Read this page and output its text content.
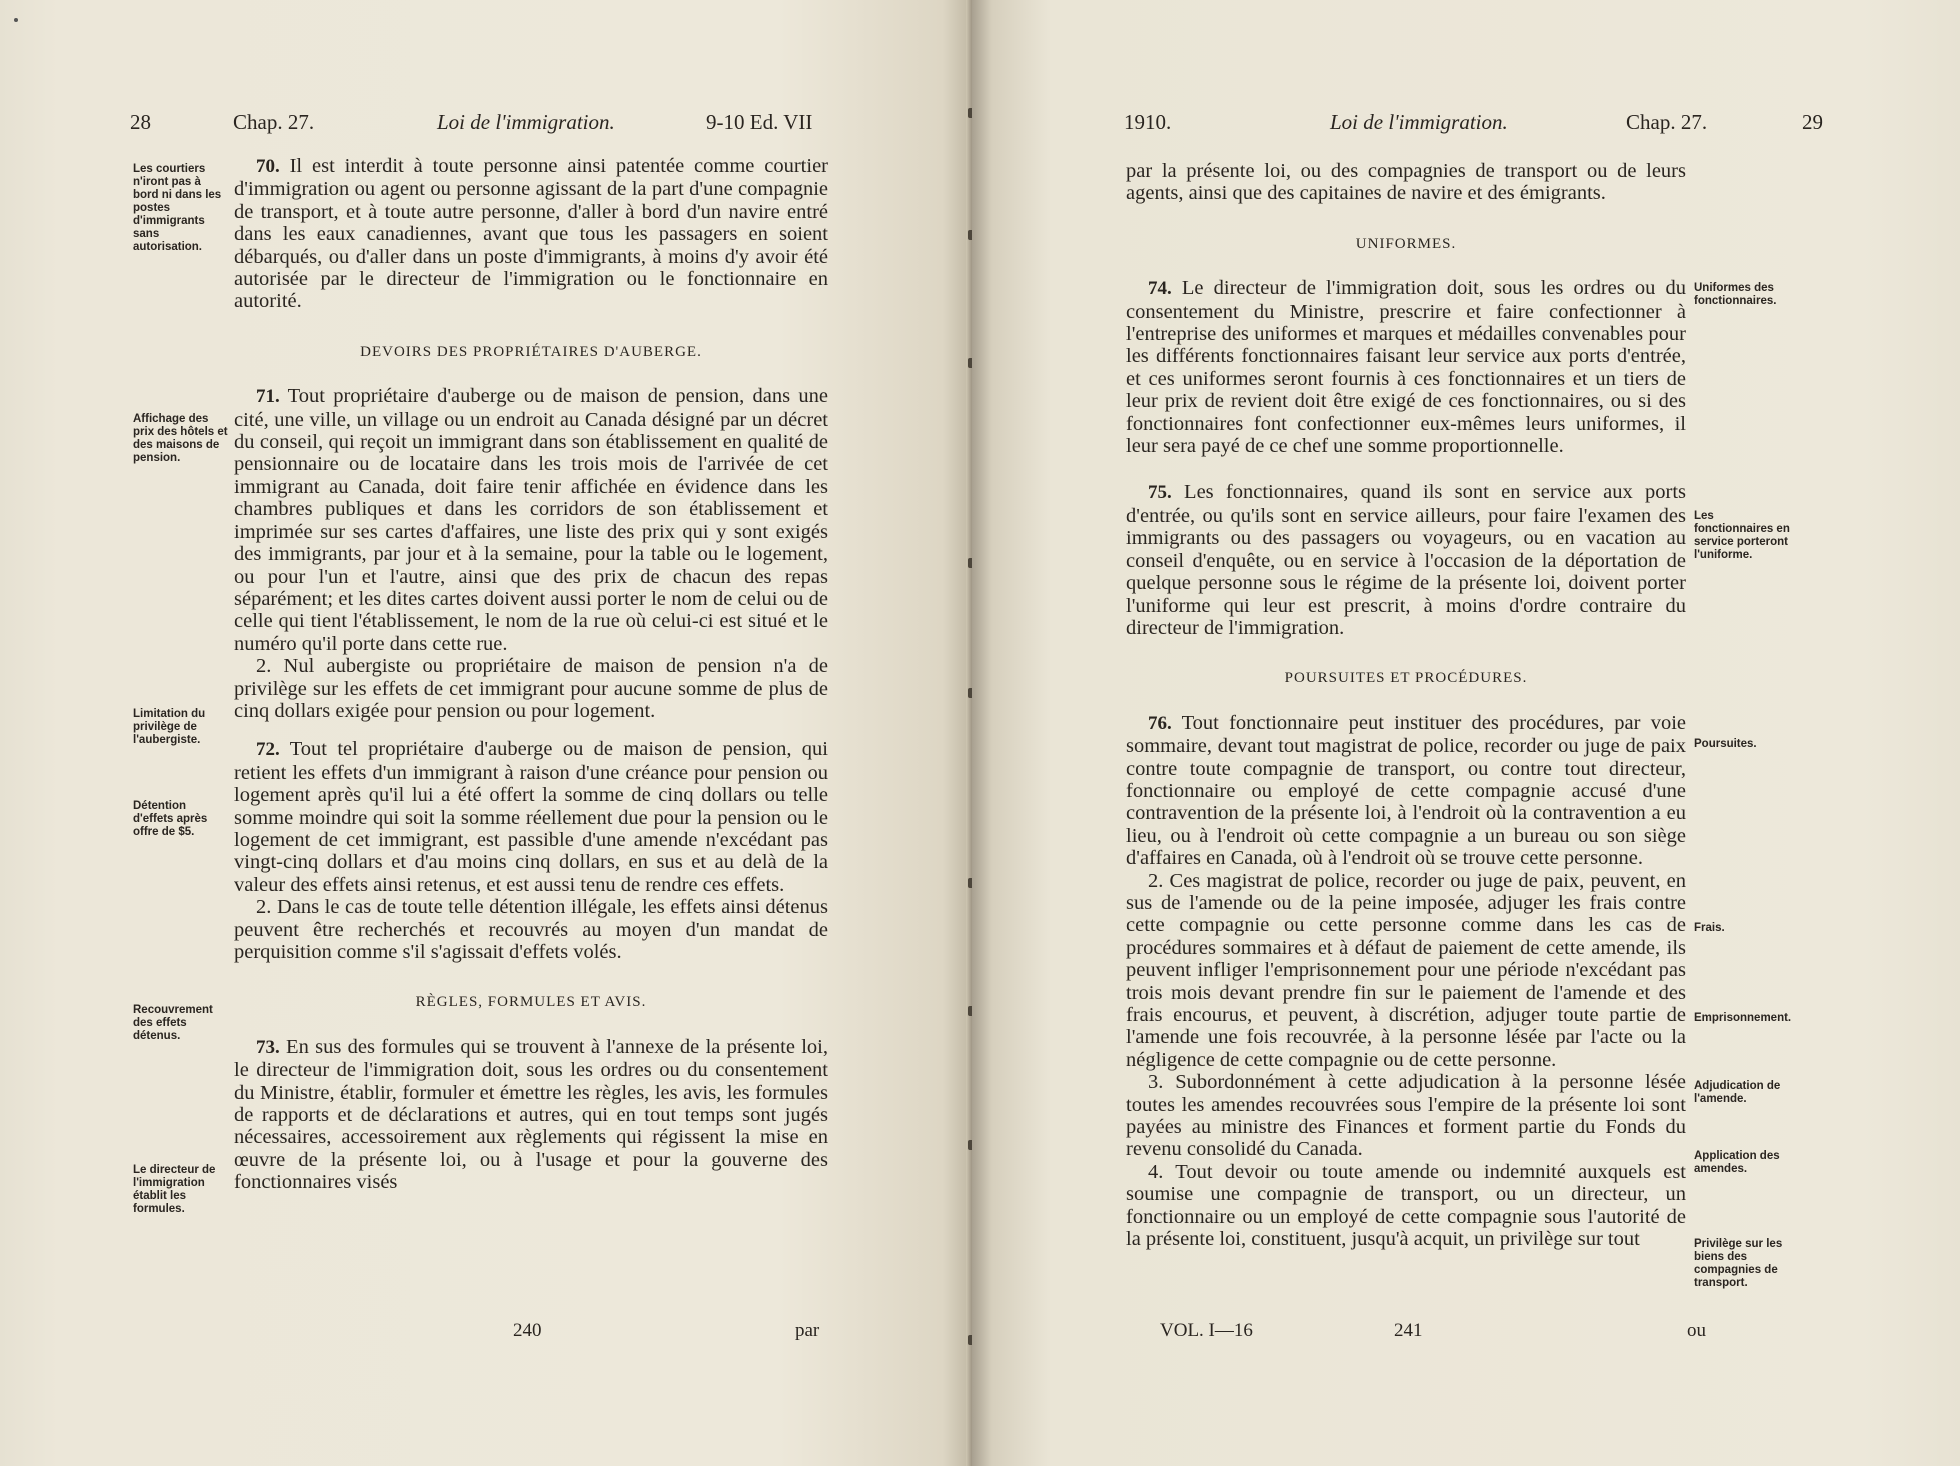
28	Chap. 27.	Loi de l'immigration.	9-10 Ed. VII
Les courtiers n'iront pas à bord ni dans les postes d'immigrants sans autorisation.
Affichage des prix des hôtels et des maisons de pension.
Limitation du privilège de l'aubergiste.
Détention d'effets après offre de $5.
Recouvrement des effets détenus.
Le directeur de l'immigration établit les formules.

70. Il est interdit à toute personne ainsi patentée comme courtier d'immigration ou agent ou personne agissant de la part d'une compagnie de transport, et à toute autre personne, d'aller à bord d'un navire entré dans les eaux canadiennes, avant que tous les passagers en soient débarqués, ou d'aller dans un poste d'immigrants, à moins d'y avoir été autorisée par le directeur de l'immigration ou le fonctionnaire en autorité.

DEVOIRS DES PROPRIÉTAIRES D'AUBERGE.

71. Tout propriétaire d'auberge ou de maison de pension, dans une cité, une ville, un village ou un endroit au Canada désigné par un décret du conseil, qui reçoit un immigrant dans son établissement en qualité de pensionnaire ou de locataire dans les trois mois de l'arrivée de cet immigrant au Canada, doit faire tenir affichée en évidence dans les chambres publiques et dans les corridors de son établissement et imprimée sur ses cartes d'affaires, une liste des prix qui y sont exigés des immigrants, par jour et à la semaine, pour la table ou le logement, ou pour l'un et l'autre, ainsi que des prix de chacun des repas séparément; et les dites cartes doivent aussi porter le nom de celui ou de celle qui tient l'établissement, le nom de la rue où celui-ci est situé et le numéro qu'il porte dans cette rue.

2. Nul aubergiste ou propriétaire de maison de pension n'a de privilège sur les effets de cet immigrant pour aucune somme de plus de cinq dollars exigée pour pension ou pour logement.

72. Tout tel propriétaire d'auberge ou de maison de pension, qui retient les effets d'un immigrant à raison d'une créance pour pension ou logement après qu'il lui a été offert la somme de cinq dollars ou telle somme moindre qui soit la somme réellement due pour la pension ou le logement de cet immigrant, est passible d'une amende n'excédant pas vingt-cinq dollars et d'au moins cinq dollars, en sus et au delà de la valeur des effets ainsi retenus, et est aussi tenu de rendre ces effets.

2. Dans le cas de toute telle détention illégale, les effets ainsi détenus peuvent être recherchés et recouvrés au moyen d'un mandat de perquisition comme s'il s'agissait d'effets volés.

RÈGLES, FORMULES ET AVIS.

73. En sus des formules qui se trouvent à l'annexe de la présente loi, le directeur de l'immigration doit, sous les ordres ou du consentement du Ministre, établir, formuler et émettre les règles, les avis, les formules de rapports et de déclarations et autres, qui en tout temps sont jugés nécessaires, accessoirement aux règlements qui régissent la mise en œuvre de la présente loi, ou à l'usage et pour la gouverne des fonctionnaires visés

240	par
1910.	Loi de l'immigration.	Chap. 27.	29

par la présente loi, ou des compagnies de transport ou de leurs agents, ainsi que des capitaines de navire et des émigrants.

UNIFORMES.

74. Le directeur de l'immigration doit, sous les ordres ou du consentement du Ministre, prescrire et faire confectionner à l'entreprise des uniformes et marques et médailles convenables pour les différents fonctionnaires faisant leur service aux ports d'entrée, et ces uniformes seront fournis à ces fonctionnaires et un tiers de leur prix de revient doit être exigé de ces fonctionnaires, ou si des fonctionnaires font confectionner eux-mêmes leurs uniformes, il leur sera payé de ce chef une somme proportionnelle.

75. Les fonctionnaires, quand ils sont en service aux ports d'entrée, ou qu'ils sont en service ailleurs, pour faire l'examen des immigrants ou des passagers ou voyageurs, ou en vacation au conseil d'enquête, ou en service à l'occasion de la déportation de quelque personne sous le régime de la présente loi, doivent porter l'uniforme qui leur est prescrit, à moins d'ordre contraire du directeur de l'immigration.

POURSUITES ET PROCÉDURES.

76. Tout fonctionnaire peut instituer des procédures, par voie sommaire, devant tout magistrat de police, recorder ou juge de paix contre toute compagnie de transport, ou contre tout directeur, fonctionnaire ou employé de cette compagnie accusé d'une contravention de la présente loi, à l'endroit où la contravention a eu lieu, ou à l'endroit où cette compagnie a un bureau ou son siège d'affaires en Canada, où à l'endroit où se trouve cette personne.

2. Ces magistrat de police, recorder ou juge de paix, peuvent, en sus de l'amende ou de la peine imposée, adjuger les frais contre cette compagnie ou cette personne comme dans les cas de procédures sommaires et à défaut de paiement de cette amende, ils peuvent infliger l'emprisonnement pour une période n'excédant pas trois mois devant prendre fin sur le paiement de l'amende et des frais encourus, et peuvent, à discrétion, adjuger toute partie de l'amende une fois recouvrée, à la personne lésée par l'acte ou la négligence de cette compagnie ou de cette personne.

3. Subordonnément à cette adjudication à la personne lésée toutes les amendes recouvrées sous l'empire de la présente loi sont payées au ministre des Finances et forment partie du Fonds du revenu consolidé du Canada.

4. Tout devoir ou toute amende ou indemnité auxquels est soumise une compagnie de transport, ou un directeur, un fonctionnaire ou un employé de cette compagnie sous l'autorité de la présente loi, constituent, jusqu'à acquit, un privilège sur tout

Uniformes des fonctionnaires.
Les fonctionnaires en service porteront l'uniforme.
Poursuites.
Frais.
Emprisonnement.
Adjudication de l'amende.
Application des amendes.
Privilège sur les biens des compagnies de transport.
VOL. I—16	241	ou
